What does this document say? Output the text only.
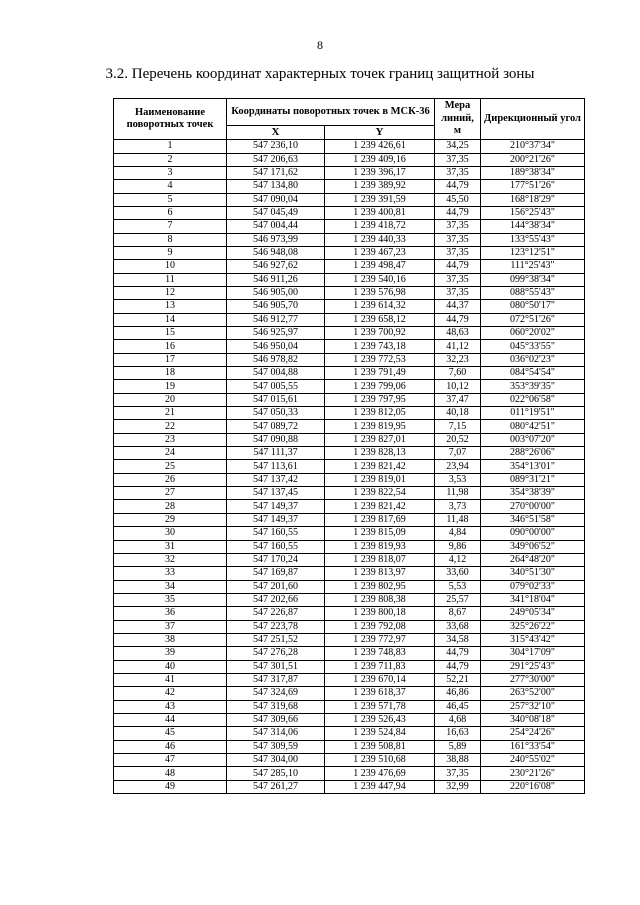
8
3.2. Перечень координат характерных точек границ защитной зоны
Наименование поворотных точек	Координаты поворотных точек в МСК-36		Мера линий, м	Дирекционный угол
	X	Y		
1	547 236,10	1 239 426,61	34,25	210°37'34"
2	547 206,63	1 239 409,16	37,35	200°21'26"
3	547 171,62	1 239 396,17	37,35	189°38'34"
4	547 134,80	1 239 389,92	44,79	177°51'26"
5	547 090,04	1 239 391,59	45,50	168°18'29"
6	547 045,49	1 239 400,81	44,79	156°25'43"
7	547 004,44	1 239 418,72	37,35	144°38'34"
8	546 973,99	1 239 440,33	37,35	133°55'43"
9	546 948,08	1 239 467,23	37,35	123°12'51"
10	546 927,62	1 239 498,47	44,79	111°25'43"
11	546 911,26	1 239 540,16	37,35	099°38'34"
12	546 905,00	1 239 576,98	37,35	088°55'43"
13	546 905,70	1 239 614,32	44,37	080°50'17"
14	546 912,77	1 239 658,12	44,79	072°51'26"
15	546 925,97	1 239 700,92	48,63	060°20'02"
16	546 950,04	1 239 743,18	41,12	045°33'55"
17	546 978,82	1 239 772,53	32,23	036°02'23"
18	547 004,88	1 239 791,49	7,60	084°54'54"
19	547 005,55	1 239 799,06	10,12	353°39'35"
20	547 015,61	1 239 797,95	37,47	022°06'58"
21	547 050,33	1 239 812,05	40,18	011°19'51"
22	547 089,72	1 239 819,95	7,15	080°42'51"
23	547 090,88	1 239 827,01	20,52	003°07'20"
24	547 111,37	1 239 828,13	7,07	288°26'06"
25	547 113,61	1 239 821,42	23,94	354°13'01"
26	547 137,42	1 239 819,01	3,53	089°31'21"
27	547 137,45	1 239 822,54	11,98	354°38'39"
28	547 149,37	1 239 821,42	3,73	270°00'00"
29	547 149,37	1 239 817,69	11,48	346°51'58"
30	547 160,55	1 239 815,09	4,84	090°00'00"
31	547 160,55	1 239 819,93	9,86	349°06'52"
32	547 170,24	1 239 818,07	4,12	264°48'20"
33	547 169,87	1 239 813,97	33,60	340°51'30"
34	547 201,60	1 239 802,95	5,53	079°02'33"
35	547 202,66	1 239 808,38	25,57	341°18'04"
36	547 226,87	1 239 800,18	8,67	249°05'34"
37	547 223,78	1 239 792,08	33,68	325°26'22"
38	547 251,52	1 239 772,97	34,58	315°43'42"
39	547 276,28	1 239 748,83	44,79	304°17'09"
40	547 301,51	1 239 711,83	44,79	291°25'43"
41	547 317,87	1 239 670,14	52,21	277°30'00"
42	547 324,69	1 239 618,37	46,86	263°52'00"
43	547 319,68	1 239 571,78	46,45	257°32'10"
44	547 309,66	1 239 526,43	4,68	340°08'18"
45	547 314,06	1 239 524,84	16,63	254°24'26"
46	547 309,59	1 239 508,81	5,89	161°33'54"
47	547 304,00	1 239 510,68	38,88	240°55'02"
48	547 285,10	1 239 476,69	37,35	230°21'26"
49	547 261,27	1 239 447,94	32,99	220°16'08"
